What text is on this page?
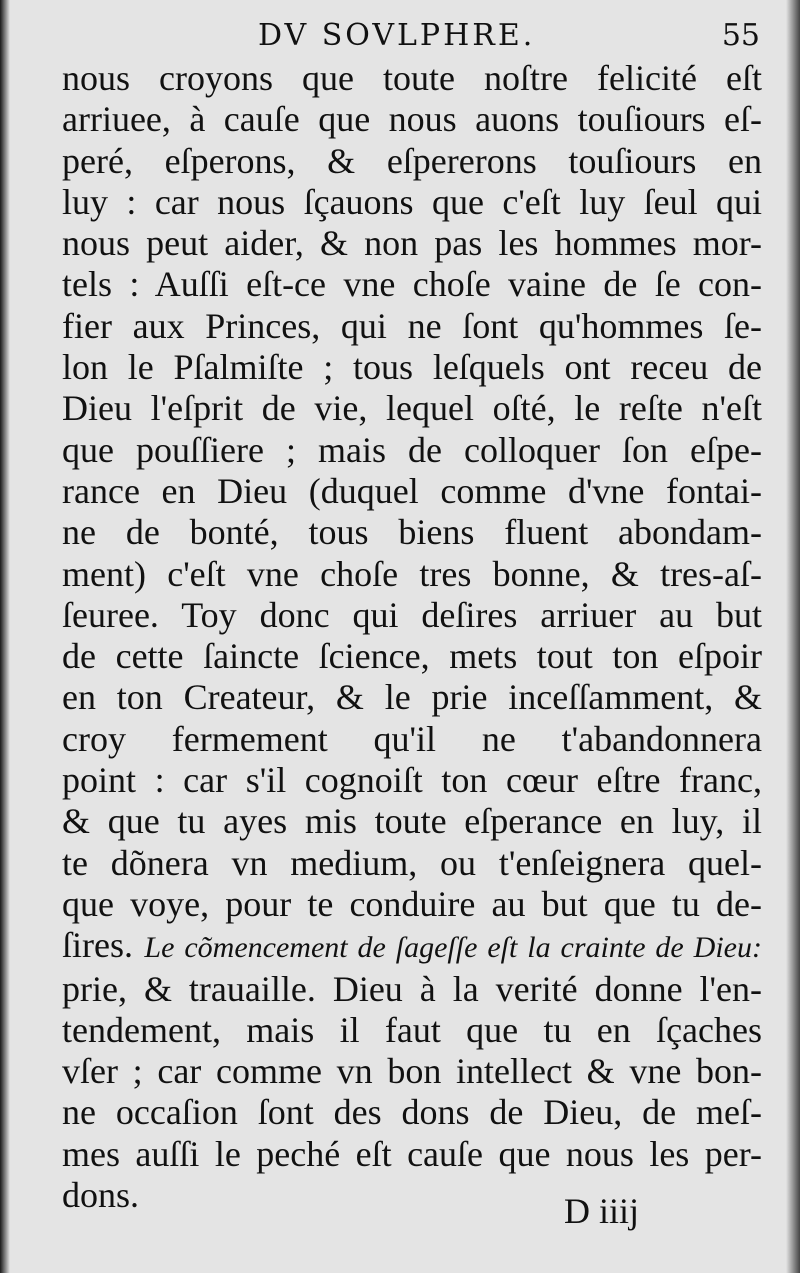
DV SOVLPHRE.	55
nous croyons que toute noſtre felicité eſt
arriuee, à cauſe que nous auons touſiours eſ-
peré, eſperons, & eſpererons touſiours en
luy : car nous ſçauons que c'eſt luy ſeul qui
nous peut aider, & non pas les hommes mor-
tels : Auſſi eſt-ce vne choſe vaine de ſe con-
fier aux Princes, qui ne ſont qu'hommes ſe-
lon le Pſalmiſte ; tous leſquels ont receu de
Dieu l'eſprit de vie, lequel oſté, le reſte n'eſt
que pouſſiere ; mais de colloquer ſon eſpe-
rance en Dieu (duquel comme d'vne fontai-
ne de bonté, tous biens fluent abondam-
ment) c'eſt vne choſe tres bonne, & tres-aſ-
ſeuree. Toy donc qui deſires arriuer au but
de cette ſaincte ſcience, mets tout ton eſpoir
en ton Createur, & le prie inceſſamment, &
croy fermement qu'il ne t'abandonnera
point : car s'il cognoiſt ton cœur eſtre franc,
& que tu ayes mis toute eſperance en luy, il
te dõnera vn medium, ou t'enſeignera quel-
que voye, pour te conduire au but que tu de-
ſires. Le cõmencement de ſageſſe eſt la crainte de Dieu:
prie, & trauaille. Dieu à la verité donne l'en-
tendement, mais il faut que tu en ſçaches
vſer ; car comme vn bon intellect & vne bon-
ne occaſion ſont des dons de Dieu, de meſ-
mes auſſi le peché eſt cauſe que nous les per-
dons.	D iiij
